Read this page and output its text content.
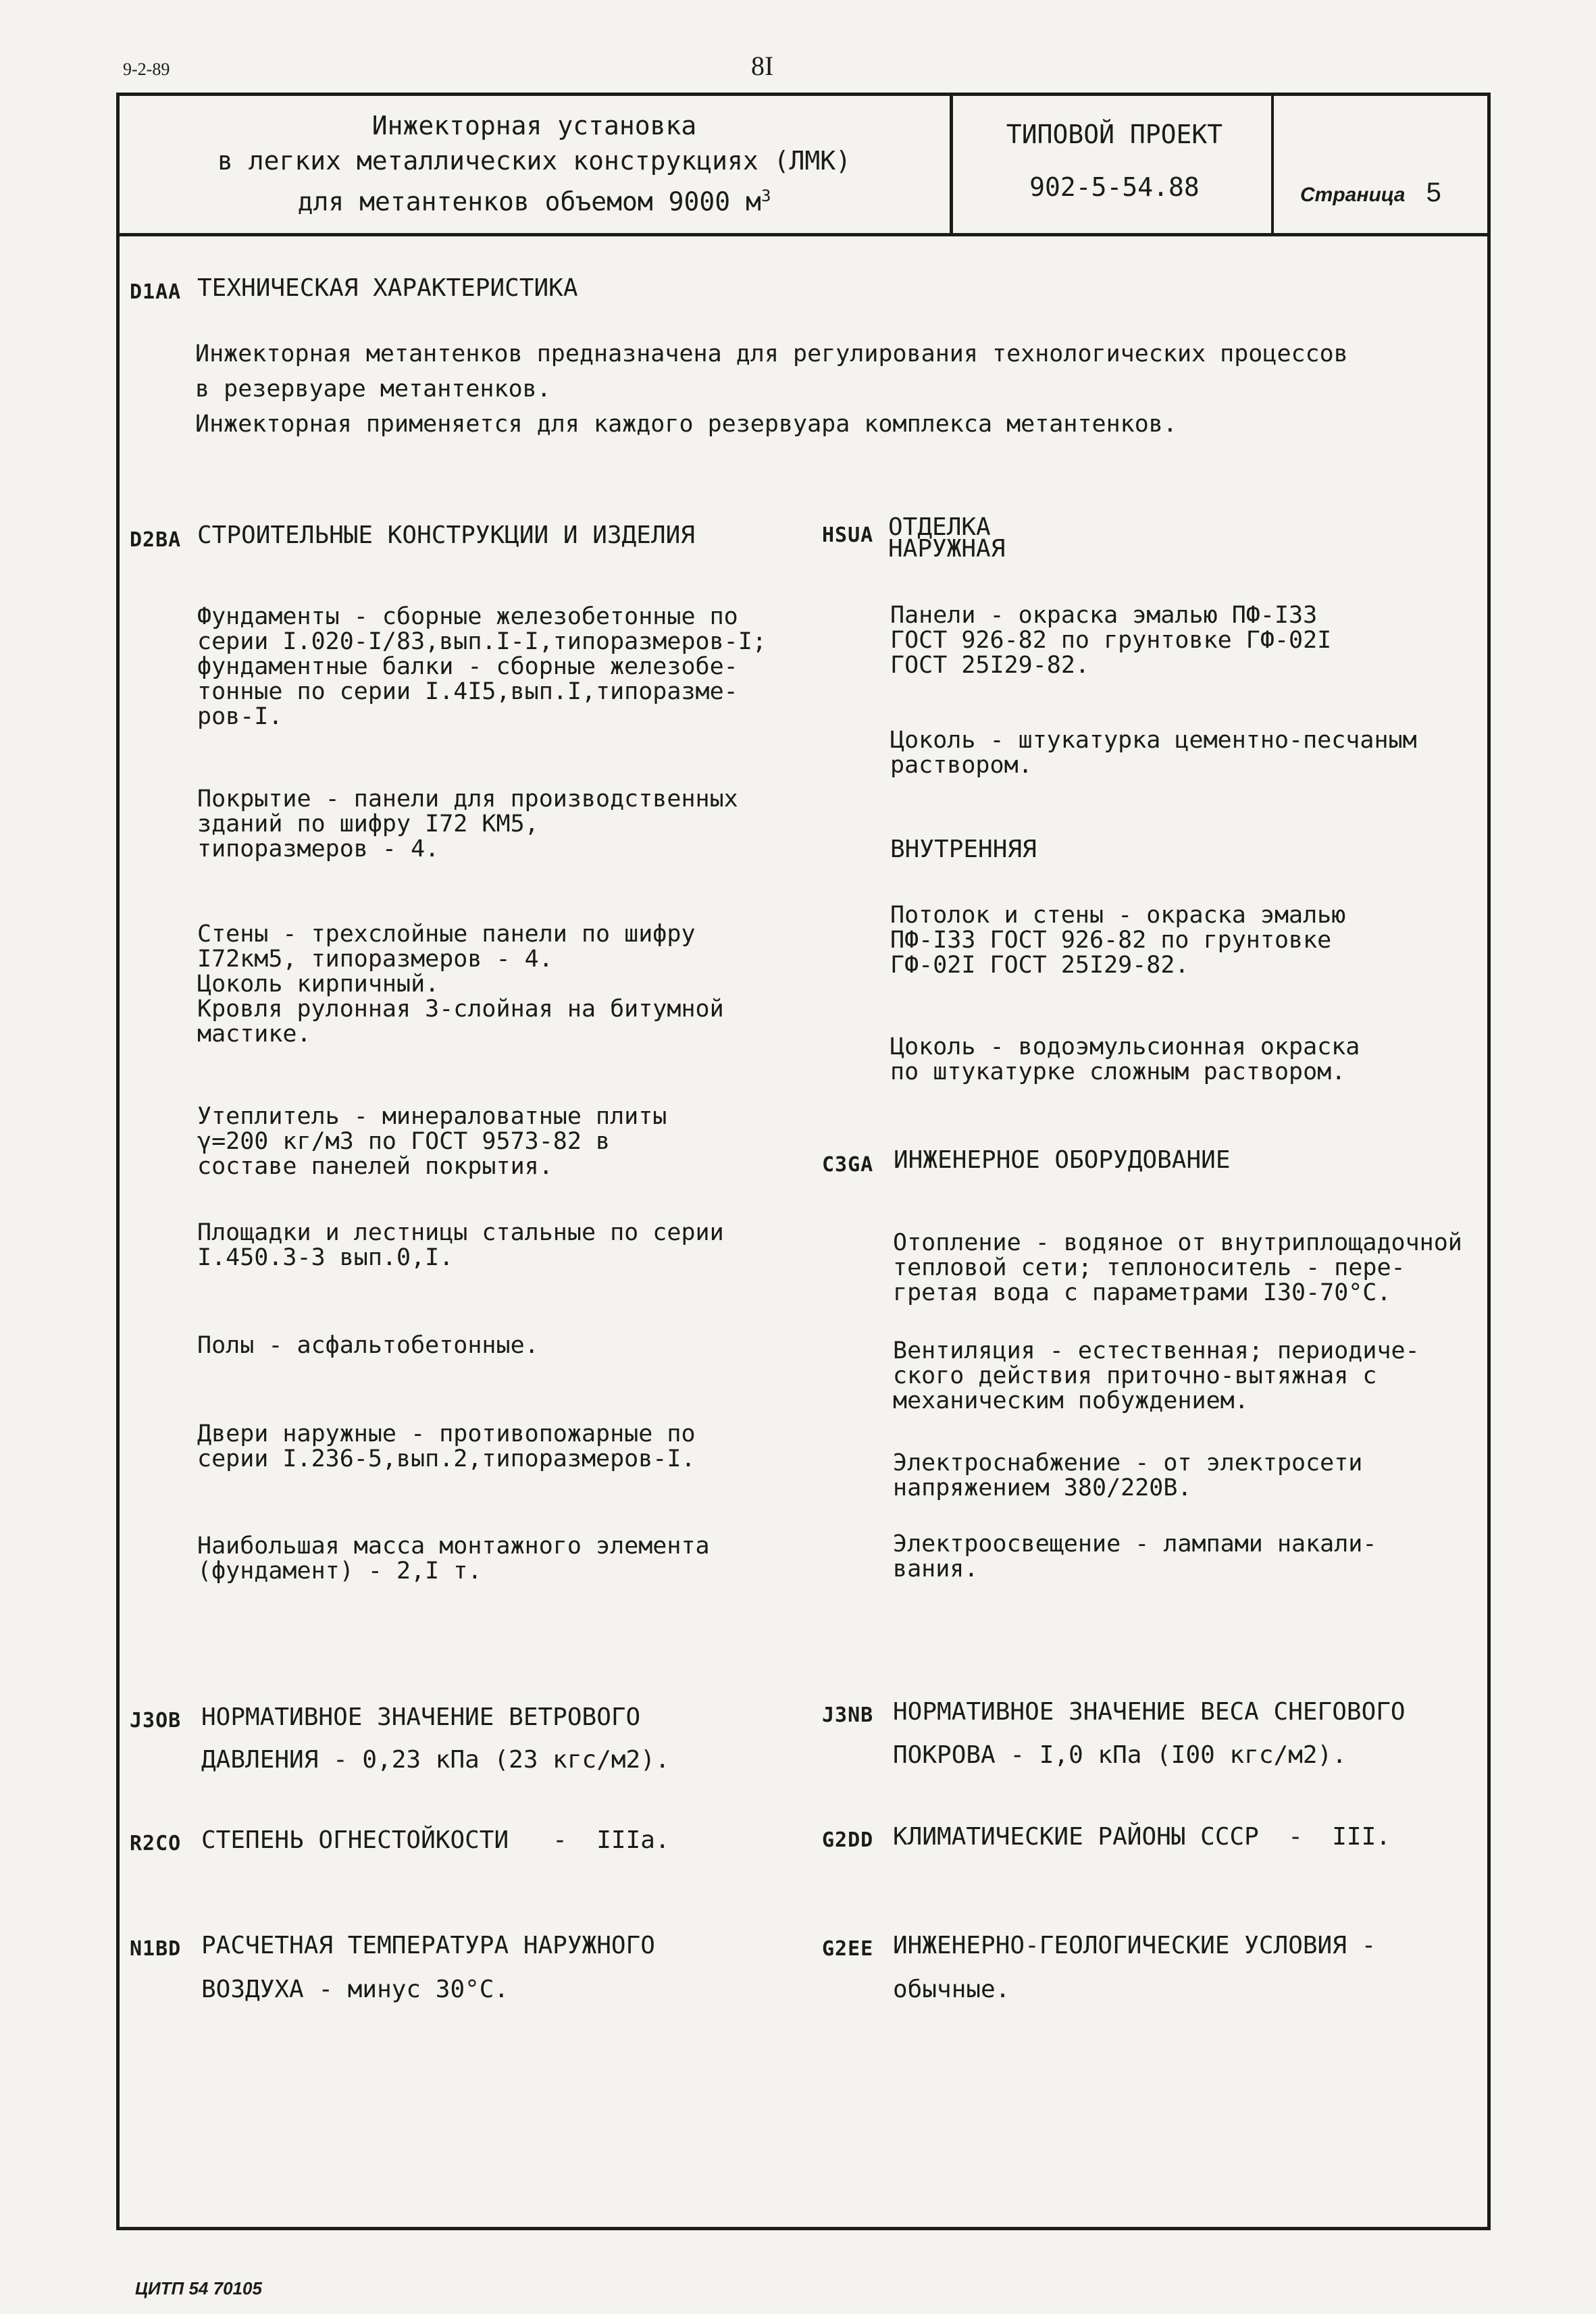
9-2-89	8I
Инжекторная установка
в легких металлических конструкциях (ЛМК)
для метантенков объемом 9000 $м^3$
ТИПОВОЙ ПРОЕКТ
902-5-54.88	Страница 5
D1AA ТЕХНИЧЕСКАЯ ХАРАКТЕРИСТИКА
Инжекторная метантенков предназначена для регулирования технологических процессов
в резервуаре метантенков.
Инжекторная применяется для каждого резервуара комплекса метантенков.
D2BA СТРОИТЕЛЬНЫЕ КОНСТРУКЦИИ И ИЗДЕЛИЯ
Фундаменты - сборные железобетонные по
серии I.020-I/83,вып.I-I,типоразмеров-I;
фундаментные балки - сборные железобе-
тонные по серии I.4I5,вып.I,типоразме-
ров-I.
Покрытие - панели для производственных
зданий по шифру I72 КМ5,
типоразмеров - 4.
Стены - трехслойные панели по шифру
I72км5, типоразмеров - 4.
Цоколь кирпичный.
Кровля рулонная 3-слойная на битумной
мастике.
Утеплитель - минераловатные плиты
γ=200 кг/м3 по ГОСТ 9573-82 в
составе панелей покрытия.
Площадки и лестницы стальные по серии
I.450.3-3 вып.0,I.
Полы - асфальтобетонные.
Двери наружные - противопожарные по
серии I.236-5,вып.2,типоразмеров-I.
Наибольшая масса монтажного элемента
(фундамент) - 2,I т.
HSUA ОТДЕЛКА
НАРУЖНАЯ
Панели - окраска эмалью ПФ-I33
ГОСТ 926-82 по грунтовке ГФ-02I
ГОСТ 25I29-82.
Цоколь - штукатурка цементно-песчаным
раствором.
ВНУТРЕННЯЯ
Потолок и стены - окраска эмалью
ПФ-I33 ГОСТ 926-82 по грунтовке
ГФ-02I ГОСТ 25I29-82.
Цоколь - водоэмульсионная окраска
по штукатурке сложным раствором.
C3GA ИНЖЕНЕРНОЕ ОБОРУДОВАНИЕ
Отопление - водяное от внутриплощадочной
тепловой сети; теплоноситель - пере-
гретая вода с параметрами I30-70°С.
Вентиляция - естественная; периодиче-
ского действия приточно-вытяжная с
механическим побуждением.
Электроснабжение - от электросети
напряжением 380/220В.
Электроосвещение - лампами накали-
вания.
J3OB НОРМАТИВНОЕ ЗНАЧЕНИЕ ВЕТРОВОГО
ДАВЛЕНИЯ - 0,23 кПа (23 кгс/м2).
J3NB НОРМАТИВНОЕ ЗНАЧЕНИЕ ВЕСА СНЕГОВОГО
ПОКРОВА - I,0 кПа (I00 кгс/м2).
R2CO СТЕПЕНЬ ОГНЕСТОЙКОСТИ   -  IIIа.	G2DD КЛИМАТИЧЕСКИЕ РАЙОНЫ СССР  -  III.
N1BD РАСЧЕТНАЯ ТЕМПЕРАТУРА НАРУЖНОГО
ВОЗДУХА - минус 30°С.
G2EE ИНЖЕНЕРНО-ГЕОЛОГИЧЕСКИЕ УСЛОВИЯ -
обычные.
ЦИТП 54 70105
